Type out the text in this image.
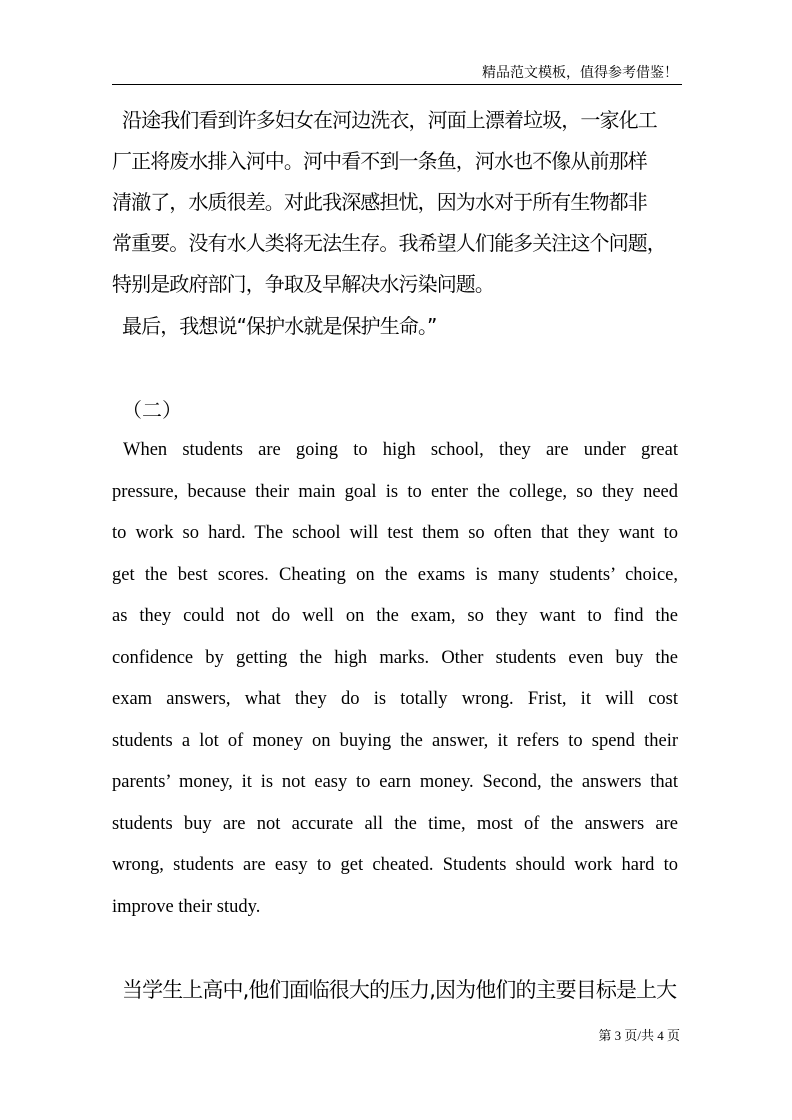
精品范文模板，值得参考借鉴！
沿途我们看到许多妇女在河边洗衣，河面上漂着垃圾，一家化工
厂正将废水排入河中。河中看不到一条鱼，河水也不像从前那样
清澈了，水质很差。对此我深感担忧，因为水对于所有生物都非
常重要。没有水人类将无法生存。我希望人们能多关注这个问题，
特别是政府部门，争取及早解决水污染问题。
最后，我想说“保护水就是保护生命。”
（二）
When students are going to high school, they are under great
pressure, because their main goal is to enter the college, so they need
to work so hard. The school will test them so often that they want to
get the best scores. Cheating on the exams is many students’ choice,
as they could not do well on the exam, so they want to find the
confidence by getting the high marks. Other students even buy the
exam answers, what they do is totally wrong. Frist, it will cost
students a lot of money on buying the answer, it refers to spend their
parents’ money, it is not easy to earn money. Second, the answers that
students buy are not accurate all the time, most of the answers are
wrong, students are easy to get cheated. Students should work hard to
improve their study.
当学生上高中,他们面临很大的压力,因为他们的主要目标是上大
第 3 页/共 4 页
